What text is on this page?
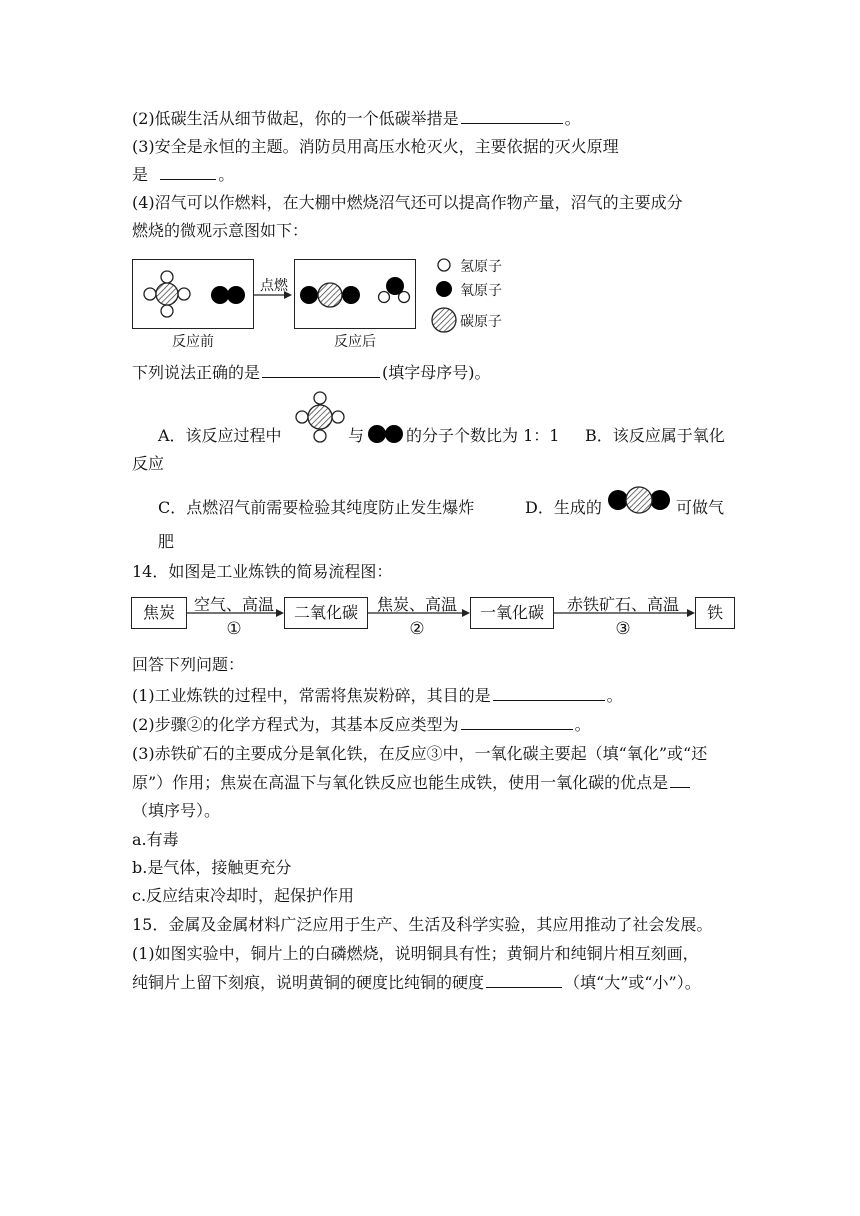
(2)低碳生活从细节做起，你的一个低碳举措是	。
(3)安全是永恒的主题。消防员用高压水枪灭火，主要依据的灭火原理
是	。
(4)沼气可以作燃料，在大棚中燃烧沼气还可以提高作物产量，沼气的主要成分
燃烧的微观示意图如下：
点燃
反应前	反应后
氢原子
氧原子
碳原子
下列说法正确的是	(填字母序号)。
A．该反应过程中	与	的分子个数比为 1：1 B．该反应属于氧化
反应
C．点燃沼气前需要检验其纯度防止发生爆炸	D．生成的	可做气
肥
14．如图是工业炼铁的简易流程图：
焦炭	二氧化碳	一氧化碳	铁
空气、高温
①
焦炭、高温
②
赤铁矿石、高温
③
回答下列问题：
(1)工业炼铁的过程中，常需将焦炭粉碎，其目的是	。
(2)步骤②的化学方程式为，其基本反应类型为	。
(3)赤铁矿石的主要成分是氧化铁，在反应③中，一氧化碳主要起（填“氧化”或“还
原”）作用；焦炭在高温下与氧化铁反应也能生成铁，使用一氧化碳的优点是
（填序号）。
a.有毒
b.是气体，接触更充分
c.反应结束冷却时，起保护作用
15．金属及金属材料广泛应用于生产、生活及科学实验，其应用推动了社会发展。
(1)如图实验中，铜片上的白磷燃烧，说明铜具有性；黄铜片和纯铜片相互刻画，
纯铜片上留下刻痕，说明黄铜的硬度比纯铜的硬度	（填“大”或“小”）。
